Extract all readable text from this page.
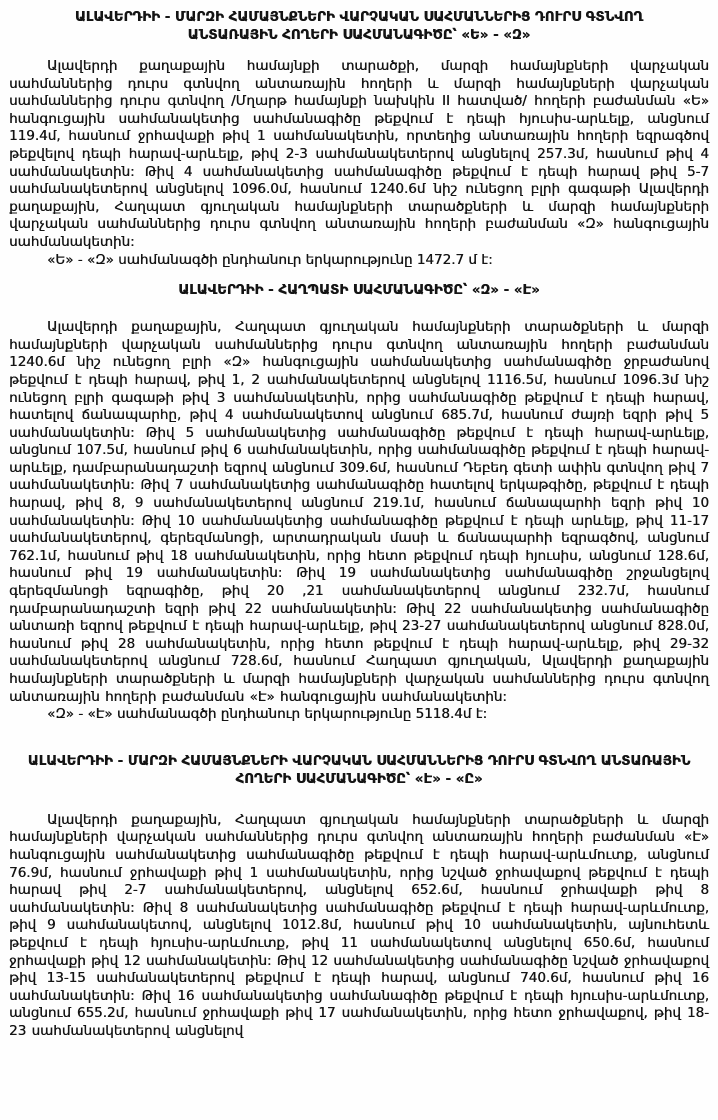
ԱԼԱՎԵՐԴԻԻ - ՄԱՐԶԻ ՀԱՄԱՅՆՔՆԵՐԻ ՎԱՐՉԱԿԱՆ ՍԱՀՄԱՆՆԵՐԻՑ ԴՈՒՐՍ ԳՏՆՎՈՂ ԱՆՏԱՌԱՅԻՆ ՀՈՂԵՐԻ ՍԱՀՄԱՆԱԳԻԾԸ՝ «Ե» - «Զ»

Ալավերդի քաղաքային համայնքի տարածքի, մարզի համայնքների վարչական սահմաններից դուրս գտնվող անտառային հողերի և մարզի համայնքների վարչական սահմաններից դուրս գտնվող /Մղարթ համայնքի նախկին II հատված/ հողերի բաժանման «Ե» հանգուցային սահմանակետից սահմանագիծը թեքվում է դեպի հյուսիս-արևելք, անցնում 119.4մ, հասնում ջրհավաքի թիվ 1 սահմանակետին, որտեղից անտառային հողերի եզրագծով թեքվելով դեպի հարավ-արևելք, թիվ 2-3 սահմանակետերով անցնելով 257.3մ, հասնում թիվ 4 սահմանակետին: Թիվ 4 սահմանակետից սահմանագիծը թեքվում է դեպի հարավ թիվ 5-7 սահմանակետերով անցնելով 1096.0մ, հասնում 1240.6մ նիշ ունեցող բլրի գագաթի Ալավերդի քաղաքային, Հաղպատ գյուղական համայնքների տարածքների և մարզի համայնքների վարչական սահմաններից դուրս գտնվող անտառային հողերի բաժանման «Զ» հանգուցային սահմանակետին:

«Ե» - «Զ» սահմանագծի ընդհանուր երկարությունը 1472.7 մ է:

ԱԼԱՎԵՐԴԻԻ - ՀԱՂՊԱՏԻ ՍԱՀՄԱՆԱԳԻԾԸ՝ «Զ» - «Է»

Ալավերդի քաղաքային, Հաղպատ գյուղական համայնքների տարածքների և մարզի համայնքների վարչական սահմաններից դուրս գտնվող անտառային հողերի բաժանման 1240.6մ նիշ ունեցող բլրի «Զ» հանգուցային սահմանակետից սահմանագիծը ջրբաժանով թեքվում է դեպի հարավ, թիվ 1, 2 սահմանակետերով անցնելով 1116.5մ, հասնում 1096.3մ նիշ ունեցող բլրի գագաթի թիվ 3 սահմանակետին, որից սահմանագիծը թեքվում է դեպի հարավ, հատելով ճանապարհը, թիվ 4 սահմանակետով անցնում 685.7մ, հասնում ժայռի եզրի թիվ 5 սահմանակետին: Թիվ 5 սահմանակետից սահմանագիծը թեքվում է դեպի հարավ-արևելք, անցնում 107.5մ, հասնում թիվ 6 սահմանակետին, որից սահմանագիծը թեքվում է դեպի հարավ-արևելք, դամբարանադաշտի եզրով անցնում 309.6մ, հասնում Դեբեդ գետի ափին գտնվող թիվ 7 սահմանակետին: Թիվ 7 սահմանակետից սահմանագիծը հատելով երկաթգիծը, թեքվում է դեպի հարավ, թիվ 8, 9 սահմանակետերով անցնում 219.1մ, հասնում ճանապարհի եզրի թիվ 10 սահմանակետին: Թիվ 10 սահմանակետից սահմանագիծը թեքվում է դեպի արևելք, թիվ 11-17 սահմանակետերով, գերեզմանոցի, արտադրական մասի և ճանապարհի եզրագծով, անցնում 762.1մ, հասնում թիվ 18 սահմանակետին, որից հետո թեքվում դեպի հյուսիս, անցնում 128.6մ, հասնում թիվ 19 սահմանակետին: Թիվ 19 սահմանակետից սահմանագիծը շրջանցելով գերեզմանոցի եզրագիծը, թիվ 20 ,21 սահմանակետերով անցնում 232.7մ, հասնում դամբարանադաշտի եզրի թիվ 22 սահմանակետին: Թիվ 22 սահմանակետից սահմանագիծը անտառի եզրով թեքվում է դեպի հարավ-արևելք, թիվ 23-27 սահմանակետերով անցնում 828.0մ, հասնում թիվ 28 սահմանակետին, որից հետո թեքվում է դեպի հարավ-արևելք, թիվ 29-32 սահմանակետերով անցնում 728.6մ, հասնում Հաղպատ գյուղական, Ալավերդի քաղաքային համայնքների տարածքների և մարզի համայնքների վարչական սահմաններից դուրս գտնվող անտառային հողերի բաժանման «Է» հանգուցային սահմանակետին:

«Զ» - «Է» սահմանագծի ընդհանուր երկարությունը 5118.4մ է:

ԱԼԱՎԵՐԴԻԻ - ՄԱՐԶԻ ՀԱՄԱՅՆՔՆԵՐԻ ՎԱՐՉԱԿԱՆ ՍԱՀՄԱՆՆԵՐԻՑ ԴՈՒՐՍ ԳՏՆՎՈՂ ԱՆՏԱՌԱՅԻՆ ՀՈՂԵՐԻ ՍԱՀՄԱՆԱԳԻԾԸ՝ «Է» - «Ը»

Ալավերդի քաղաքային, Հաղպատ գյուղական համայնքների տարածքների և մարզի համայնքների վարչական սահմաններից դուրս գտնվող անտառային հողերի բաժանման «Է» հանգուցային սահմանակետից սահմանագիծը թեքվում է դեպի հարավ-արևմուտք, անցնում 76.9մ, հասնում ջրհավաքի թիվ 1 սահմանակետին, որից նշված ջրհավաքով թեքվում է դեպի հարավ թիվ 2-7 սահմանակետերով, անցնելով 652.6մ, հասնում ջրհավաքի թիվ 8 սահմանակետին: Թիվ 8 սահմանակետից սահմանագիծը թեքվում է դեպի հարավ-արևմուտք, թիվ 9 սահմանակետով, անցնելով 1012.8մ, հասնում թիվ 10 սահմանակետին, այնուհետև թեքվում է դեպի հյուսիս-արևմուտք, թիվ 11 սահմանակետով անցնելով 650.6մ, հասնում ջրհավաքի թիվ 12 սահմանակետին: Թիվ 12 սահմանակետից սահմանագիծը նշված ջրհավաքով թիվ 13-15 սահմանակետերով թեքվում է դեպի հարավ, անցնում 740.6մ, հասնում թիվ 16 սահմանակետին: Թիվ 16 սահմանակետից սահմանագիծը թեքվում է դեպի հյուսիս-արևմուտք, անցնում 655.2մ, հասնում ջրհավաքի թիվ 17 սահմանակետին, որից հետո ջրհավաքով, թիվ 18-23 սահմանակետերով անցնելով
